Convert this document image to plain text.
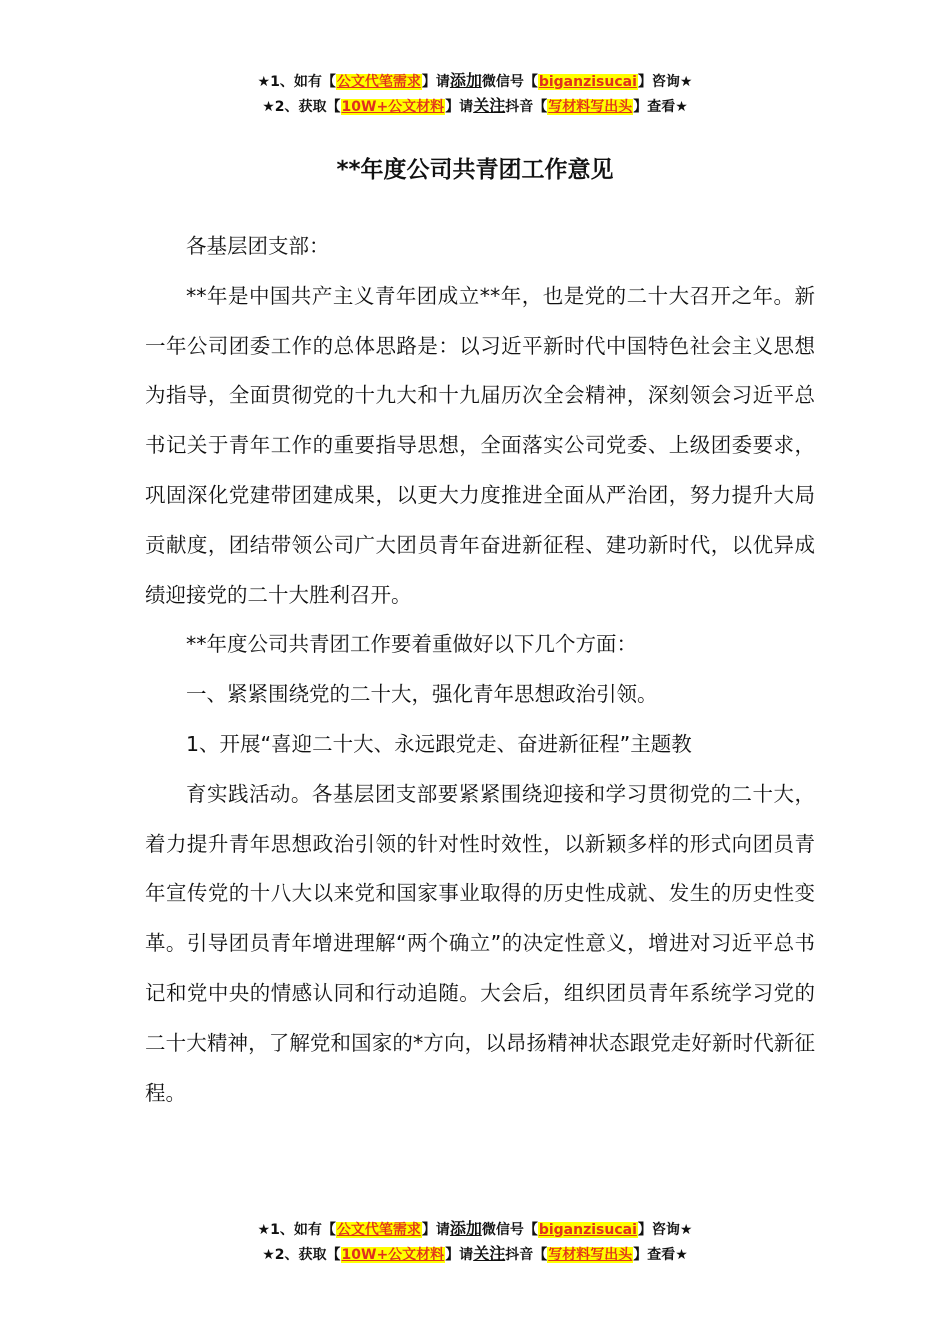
★1、如有【公文代笔需求】请添加微信号【biganzisucai】咨询★
★2、获取【10W+公文材料】请关注抖音【写材料写出头】查看★
**年度公司共青团工作意见

各基层团支部：

**年是中国共产主义青年团成立**年，也是党的二十大召开之年。新一年公司团委工作的总体思路是：以习近平新时代中国特色社会主义思想为指导，全面贯彻党的十九大和十九届历次全会精神，深刻领会习近平总书记关于青年工作的重要指导思想，全面落实公司党委、上级团委要求，巩固深化党建带团建成果，以更大力度推进全面从严治团，努力提升大局贡献度，团结带领公司广大团员青年奋进新征程、建功新时代，以优异成绩迎接党的二十大胜利召开。

**年度公司共青团工作要着重做好以下几个方面：

一、紧紧围绕党的二十大，强化青年思想政治引领。

1、开展“喜迎二十大、永远跟党走、奋进新征程”主题教

育实践活动。各基层团支部要紧紧围绕迎接和学习贯彻党的二十大，着力提升青年思想政治引领的针对性时效性，以新颖多样的形式向团员青年宣传党的十八大以来党和国家事业取得的历史性成就、发生的历史性变革。引导团员青年增进理解“两个确立”的决定性意义，增进对习近平总书记和党中央的情感认同和行动追随。大会后，组织团员青年系统学习党的二十大精神，了解党和国家的*方向，以昂扬精神状态跟党走好新时代新征程。

★1、如有【公文代笔需求】请添加微信号【biganzisucai】咨询★
★2、获取【10W+公文材料】请关注抖音【写材料写出头】查看★
